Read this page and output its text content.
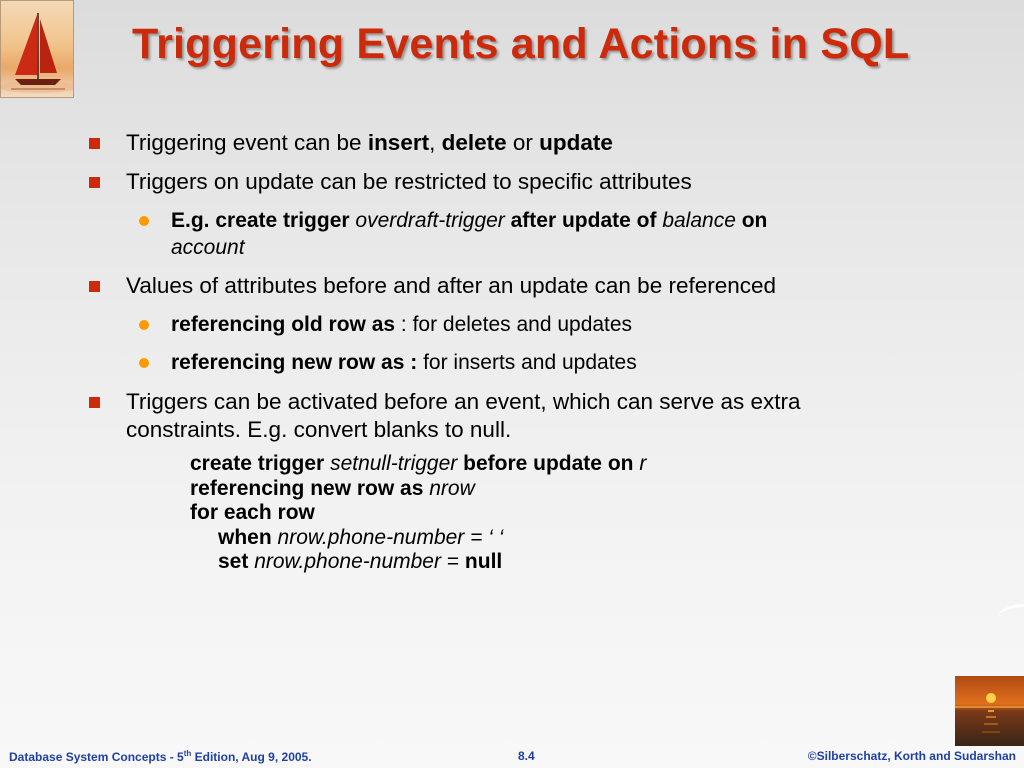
Triggering Events and Actions in SQL
Triggering event can be insert, delete or update
Triggers on update can be restricted to specific attributes
E.g. create trigger overdraft-trigger after update of balance on
account
Values of attributes before and after an update can be referenced
referencing old row as : for deletes and updates
referencing new row as : for inserts and updates
Triggers can be activated before an event, which can serve as extra
constraints. E.g. convert blanks to null.
create trigger setnull-trigger before update on r
referencing new row as nrow
for each row
when nrow.phone-number = ‘ ‘
set nrow.phone-number = null
Database System Concepts - 5th Edition, Aug 9, 2005.	8.4	©Silberschatz, Korth and Sudarshan
